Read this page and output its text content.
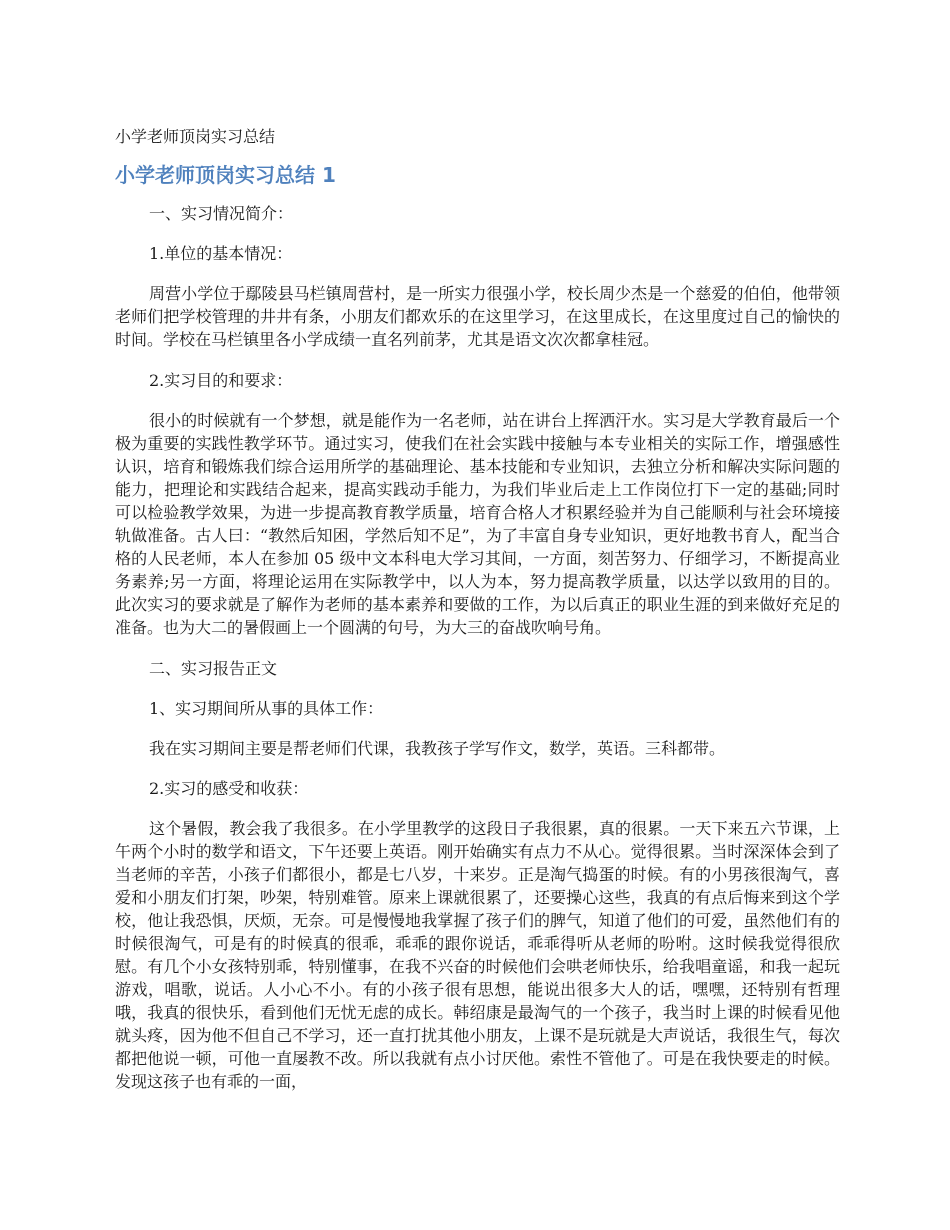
小学老师顶岗实习总结
小学老师顶岗实习总结 1

一、实习情况简介：

1.单位的基本情况：

周营小学位于鄢陵县马栏镇周营村，是一所实力很强小学，校长周少杰是一个慈爱的伯伯，他带领老师们把学校管理的井井有条，小朋友们都欢乐的在这里学习，在这里成长，在这里度过自己的愉快的时间。学校在马栏镇里各小学成绩一直名列前茅，尤其是语文次次都拿桂冠。

2.实习目的和要求：

很小的时候就有一个梦想，就是能作为一名老师，站在讲台上挥洒汗水。实习是大学教育最后一个极为重要的实践性教学环节。通过实习，使我们在社会实践中接触与本专业相关的实际工作，增强感性认识，培育和锻炼我们综合运用所学的基础理论、基本技能和专业知识，去独立分析和解决实际问题的能力，把理论和实践结合起来，提高实践动手能力，为我们毕业后走上工作岗位打下一定的基础;同时可以检验教学效果，为进一步提高教育教学质量，培育合格人才积累经验并为自己能顺利与社会环境接轨做准备。古人曰：“教然后知困，学然后知不足”，为了丰富自身专业知识，更好地教书育人，配当合格的人民老师，本人在参加 05 级中文本科电大学习其间，一方面，刻苦努力、仔细学习，不断提高业务素养;另一方面，将理论运用在实际教学中，以人为本，努力提高教学质量，以达学以致用的目的。此次实习的要求就是了解作为老师的基本素养和要做的工作，为以后真正的职业生涯的到来做好充足的准备。也为大二的暑假画上一个圆满的句号，为大三的奋战吹响号角。

二、实习报告正文

1、实习期间所从事的具体工作：

我在实习期间主要是帮老师们代课，我教孩子学写作文，数学，英语。三科都带。

2.实习的感受和收获：

这个暑假，教会我了我很多。在小学里教学的这段日子我很累，真的很累。一天下来五六节课，上午两个小时的数学和语文，下午还要上英语。刚开始确实有点力不从心。觉得很累。当时深深体会到了当老师的辛苦，小孩子们都很小，都是七八岁，十来岁。正是淘气捣蛋的时候。有的小男孩很淘气，喜爱和小朋友们打架，吵架，特别难管。原来上课就很累了，还要操心这些，我真的有点后悔来到这个学校，他让我恐惧，厌烦，无奈。可是慢慢地我掌握了孩子们的脾气，知道了他们的可爱，虽然他们有的时候很淘气，可是有的时候真的很乖，乖乖的跟你说话，乖乖得听从老师的吩咐。这时候我觉得很欣慰。有几个小女孩特别乖，特别懂事，在我不兴奋的时候他们会哄老师快乐，给我唱童谣，和我一起玩游戏，唱歌，说话。人小心不小。有的小孩子很有思想，能说出很多大人的话，嘿嘿，还特别有哲理哦，我真的很快乐，看到他们无忧无虑的成长。韩绍康是最淘气的一个孩子，我当时上课的时候看见他就头疼，因为他不但自己不学习，还一直打扰其他小朋友，上课不是玩就是大声说话，我很生气，每次都把他说一顿，可他一直屡教不改。所以我就有点小讨厌他。索性不管他了。可是在我快要走的时候。发现这孩子也有乖的一面，
